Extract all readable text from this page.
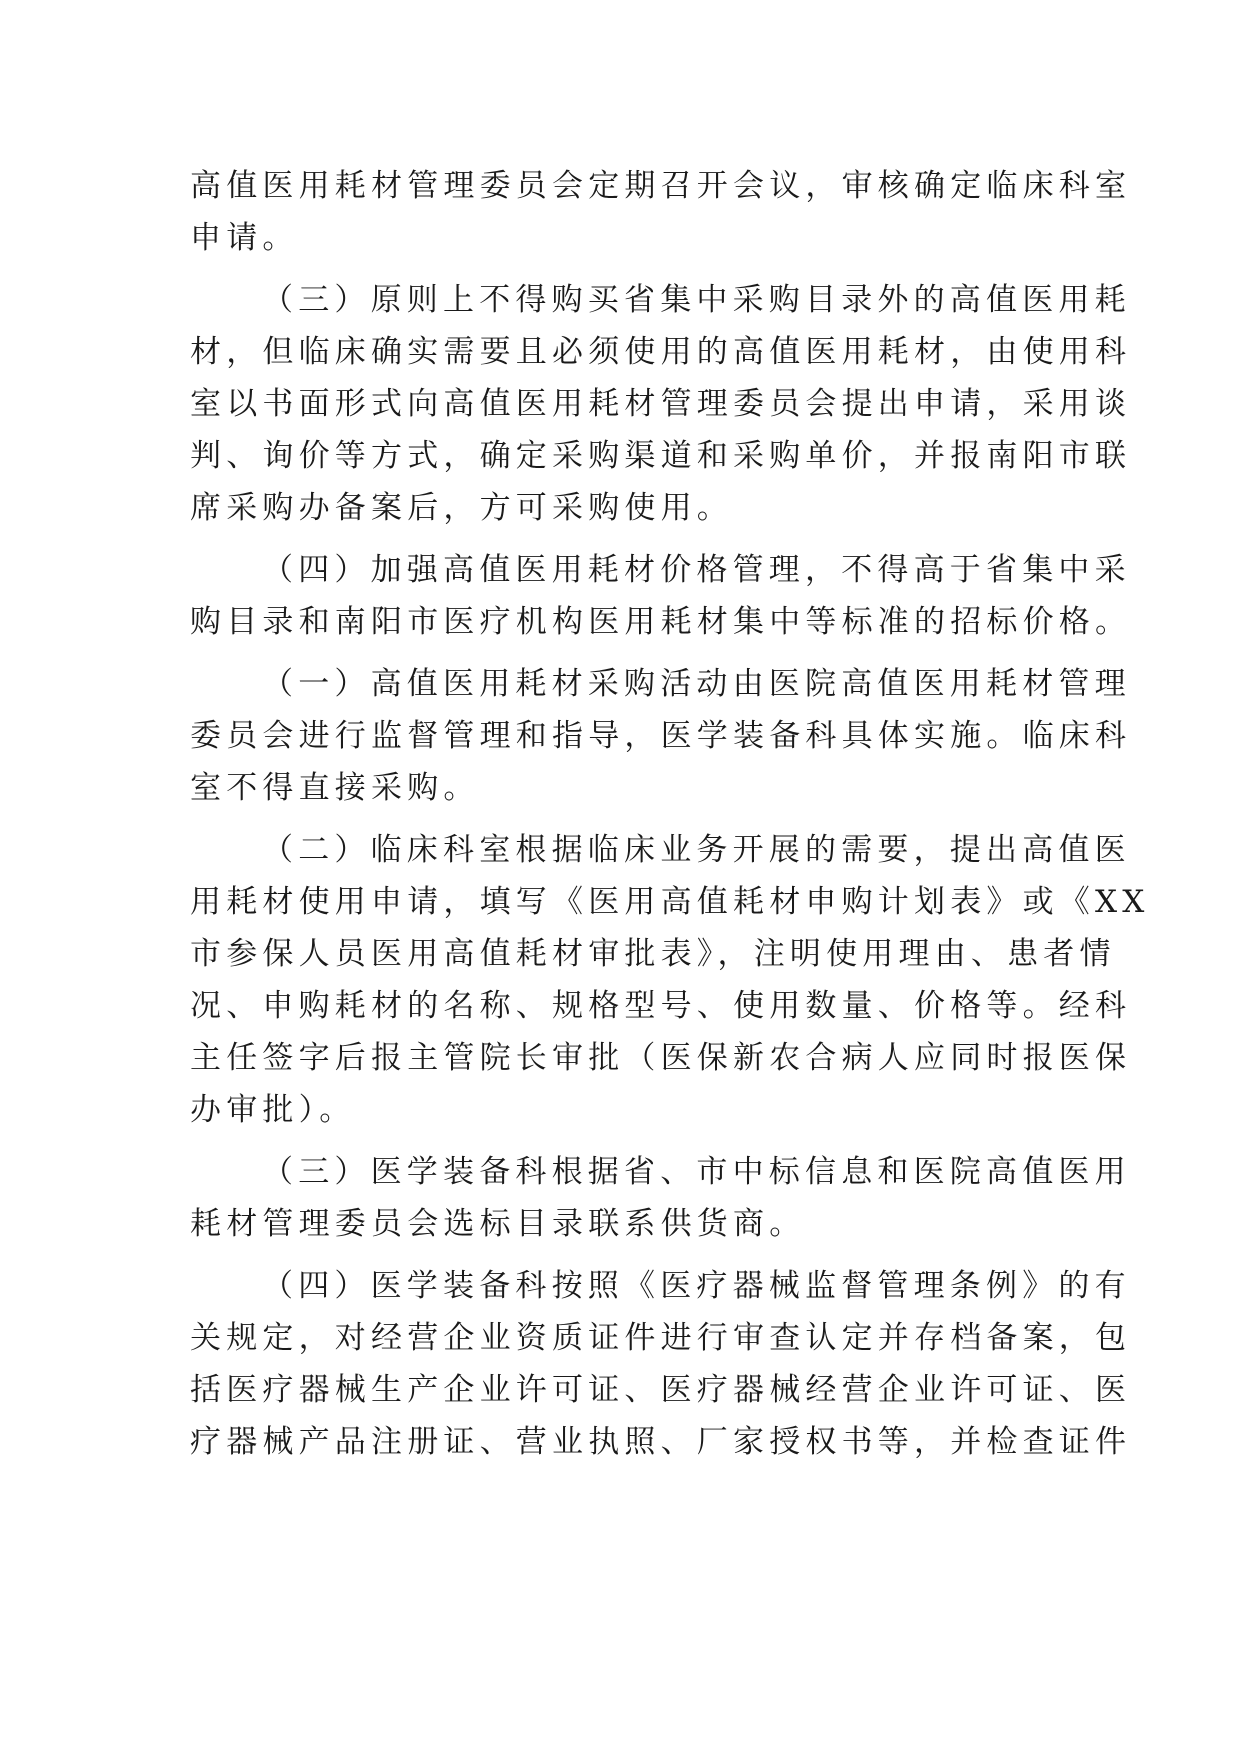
高值医用耗材管理委员会定期召开会议，审核确定临床科室
申请。
（三）原则上不得购买省集中采购目录外的高值医用耗
材，但临床确实需要且必须使用的高值医用耗材，由使用科
室以书面形式向高值医用耗材管理委员会提出申请，采用谈
判、询价等方式，确定采购渠道和采购单价，并报南阳市联
席采购办备案后，方可采购使用。
（四）加强高值医用耗材价格管理，不得高于省集中采
购目录和南阳市医疗机构医用耗材集中等标准的招标价格。
（一）高值医用耗材采购活动由医院高值医用耗材管理
委员会进行监督管理和指导，医学装备科具体实施。临床科
室不得直接采购。
（二）临床科室根据临床业务开展的需要，提出高值医
用耗材使用申请，填写《医用高值耗材申购计划表》或《XX
市参保人员医用高值耗材审批表》，注明使用理由、患者情
况、申购耗材的名称、规格型号、使用数量、价格等。经科
主任签字后报主管院长审批（医保新农合病人应同时报医保
办审批）。
（三）医学装备科根据省、市中标信息和医院高值医用
耗材管理委员会选标目录联系供货商。
（四）医学装备科按照《医疗器械监督管理条例》的有
关规定，对经营企业资质证件进行审查认定并存档备案，包
括医疗器械生产企业许可证、医疗器械经营企业许可证、医
疗器械产品注册证、营业执照、厂家授权书等，并检查证件
